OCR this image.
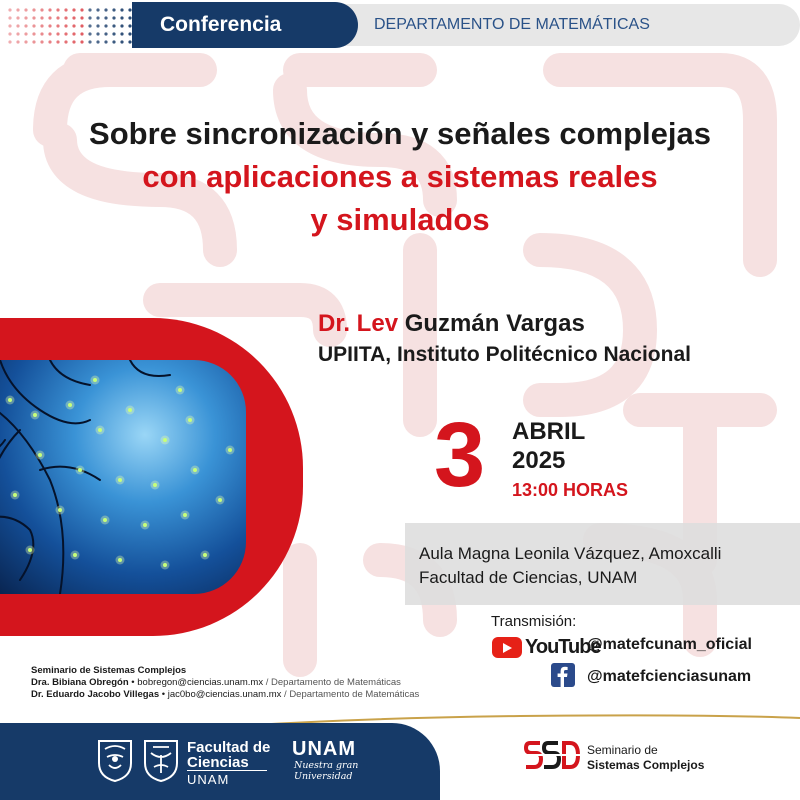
DEPARTAMENTO DE MATEMÁTICAS
Conferencia
Sobre sincronización y señales complejas
con aplicaciones a sistemas reales
y simulados
Dr. Lev Guzmán Vargas
UPIITA, Instituto Politécnico Nacional
3 ABRIL
2025
13:00 HORAS
Aula Magna Leonila Vázquez, Amoxcalli
Facultad de Ciencias, UNAM
Transmisión:
YouTube
@matefcunam_oficial
@matefcienciasunam
Seminario de Sistemas Complejos
Dra. Bibiana Obregón • bobregon@ciencias.unam.mx / Departamento de Matemáticas
Dr. Eduardo Jacobo Villegas • jac0bo@ciencias.unam.mx / Departamento de Matemáticas
Facultad de
Ciencias
UNAM
UNAM
Nuestra gran
Universidad
Seminario de
Sistemas Complejos
